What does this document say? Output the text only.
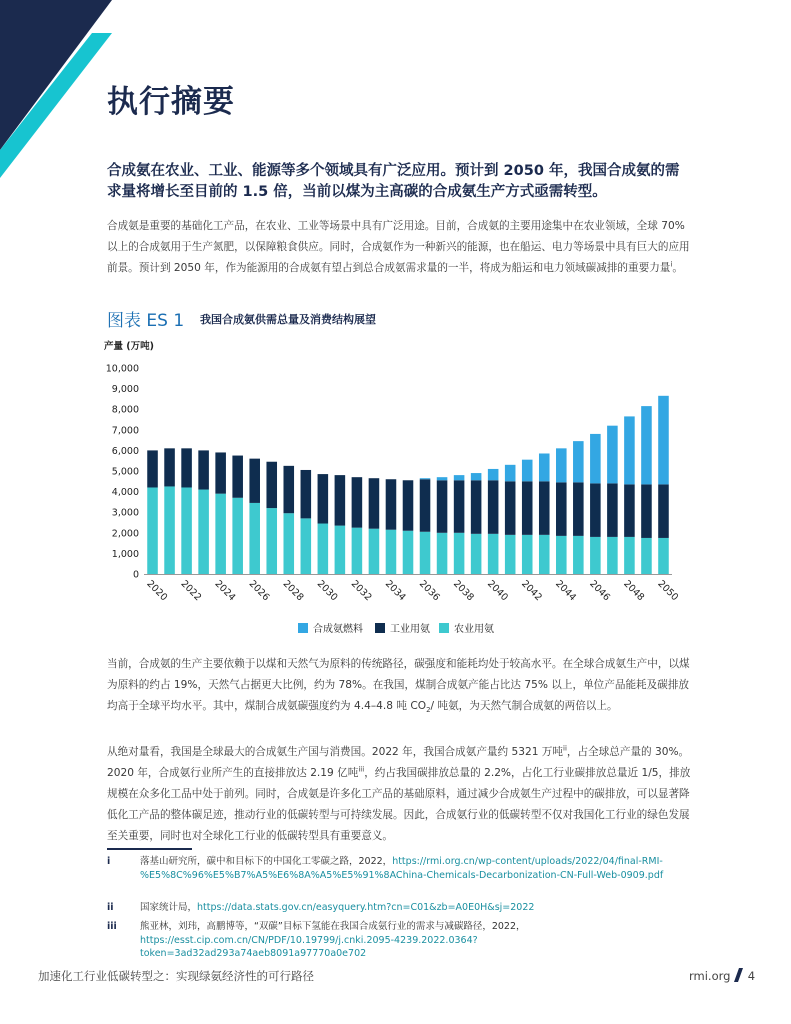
执行摘要
合成氨在农业、工业、能源等多个领域具有广泛应用。预计到 2050 年，我国合成氨的需求量将增长至目前的 1.5 倍，当前以煤为主高碳的合成氨生产方式亟需转型。
合成氨是重要的基础化工产品，在农业、工业等场景中具有广泛用途。目前，合成氨的主要用途集中在农业领域，全球 70% 以上的合成氨用于生产氮肥，以保障粮食供应。同时，合成氨作为一种新兴的能源，也在船运、电力等场景中具有巨大的应用前景。预计到 2050 年，作为能源用的合成氨有望占到总合成氨需求量的一半，将成为船运和电力领域碳减排的重要力量$^i$。
图表 ES 1 我国合成氨供需总量及消费结构展望
产量 (万吨)
0
1,000
2,000
3,000
4,000
5,000
6,000
7,000
8,000
9,000
10,000
2020 2022 2024 2026 2028 2030 2032 2034 2036 2038 2040 2042 2044 2046 2048 2050
合成氨燃料	工业用氨 农业用氨
当前，合成氨的生产主要依赖于以煤和天然气为原料的传统路径，碳强度和能耗均处于较高水平。在全球合成氨生产中，以煤为原料的约占 19%，天然气占据更大比例，约为 78%。在我国，煤制合成氨产能占比达 75% 以上，单位产品能耗及碳排放均高于全球平均水平。其中，煤制合成氨碳强度约为 4.4–4.8 吨 $CO_2/$ 吨氨，为天然气制合成氨的两倍以上。
从绝对量看，我国是全球最大的合成氨生产国与消费国。2022 年，我国合成氨产量约 5321 万吨$^{ii}$，占全球总产量的 30%。2020 年，合成氨行业所产生的直接排放达 2.19 亿吨$^{iii}$，约占我国碳排放总量的 2.2%，占化工行业碳排放总量近 1/5，排放规模在众多化工品中处于前列。同时，合成氨是许多化工产品的基础原料，通过减少合成氨生产过程中的碳排放，可以显著降低化工产品的整体碳足迹，推动行业的低碳转型与可持续发展。因此，合成氨行业的低碳转型不仅对我国化工行业的绿色发展至关重要，同时也对全球化工行业的低碳转型具有重要意义。
i	落基山研究所，碳中和目标下的中国化工零碳之路，2022，https://rmi.org.cn/wp-content/uploads/2022/04/final-RMI-%E5%8C%96%E5%B7%A5%E6%8A%A5%E5%91%8AChina-Chemicals-Decarbonization-CN-Full-Web-0909.pdf
ii	国家统计局，https://data.stats.gov.cn/easyquery.htm?cn=C01&zb=A0E0H&sj=2022
iii 熊亚林，刘玮，高鹏博等，“双碳”目标下氢能在我国合成氨行业的需求与减碳路径，2022，https://esst.cip.com.cn/CN/PDF/10.19799/j.cnki.2095-4239.2022.0364?token=3ad32ad293a74aeb8091a97770a0e702
加速化工行业低碳转型之：实现绿氨经济性的可行路径	rmi.org 4
